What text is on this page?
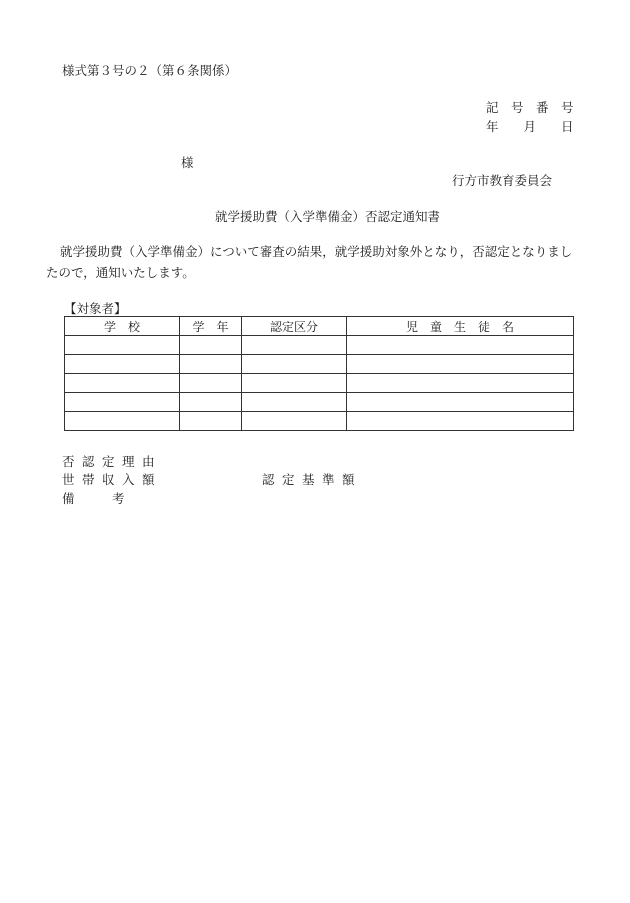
様式第３号の２（第６条関係）
記　号　番　号
年　　月　　日
様
行方市教育委員会
就学援助費（入学準備金）否認定通知書
就学援助費（入学準備金）について審査の結果，就学援助対象外となり，否認定となりましたので，通知いたします。
【対象者】
学　校	学　年	認定区分	児　童　生　徒　名

否認定理由
世帯収入額	認定基準額
備　　　考
